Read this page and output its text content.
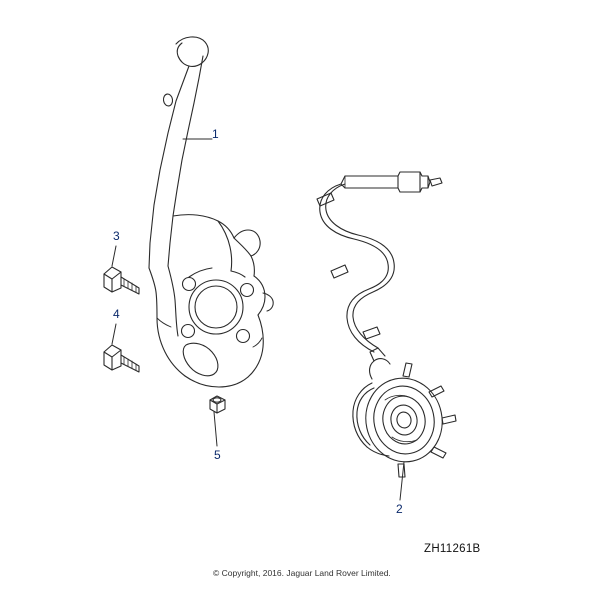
1
2
3
4
5
ZH11261B
© Copyright, 2016. Jaguar Land Rover Limited.
